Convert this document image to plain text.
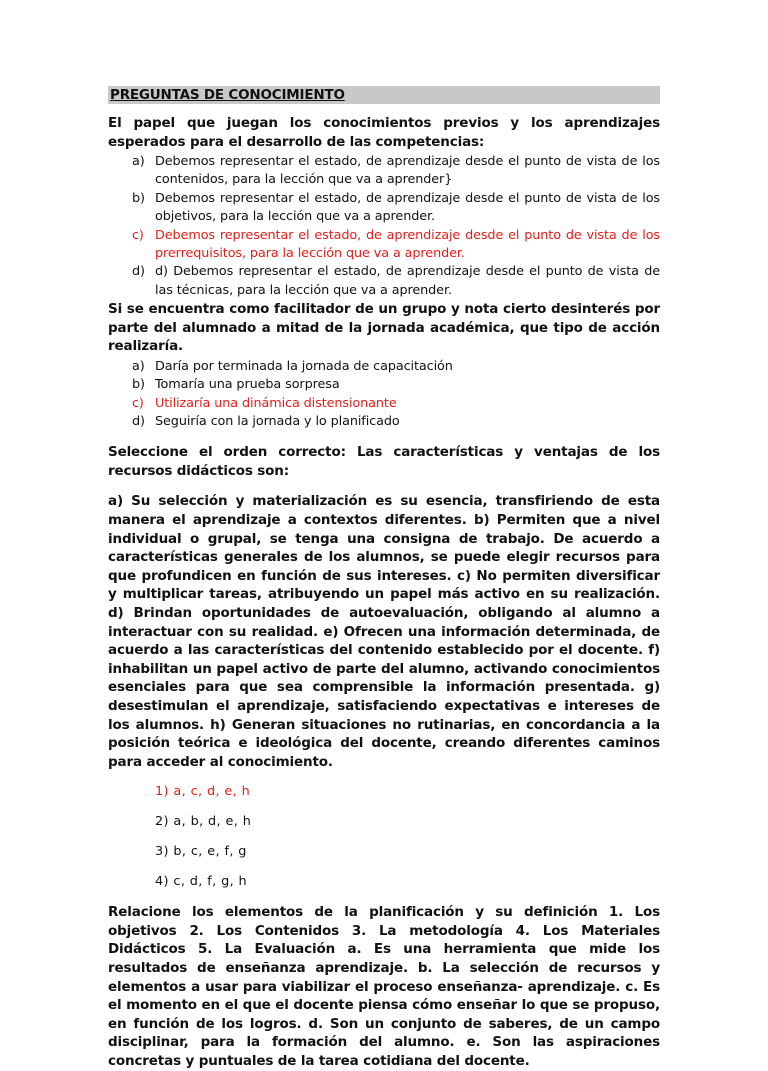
PREGUNTAS DE CONOCIMIENTO
El papel que juegan los conocimientos previos y los aprendizajes esperados para el desarrollo de las competencias:
a) Debemos representar el estado, de aprendizaje desde el punto de vista de los contenidos, para la lección que va a aprender}
b) Debemos representar el estado, de aprendizaje desde el punto de vista de los objetivos, para la lección que va a aprender.
c) Debemos representar el estado, de aprendizaje desde el punto de vista de los prerrequisitos, para la lección que va a aprender.
d) d) Debemos representar el estado, de aprendizaje desde el punto de vista de las técnicas, para la lección que va a aprender.
Si se encuentra como facilitador de un grupo y nota cierto desinterés por parte del alumnado a mitad de la jornada académica, que tipo de acción realizaría.
a) Daría por terminada la jornada de capacitación
b) Tomaría una prueba sorpresa
c) Utilizaría una dinámica distensionante
d) Seguiría con la jornada y lo planificado
Seleccione el orden correcto: Las características y ventajas de los recursos didácticos son:
a) Su selección y materialización es su esencia, transfiriendo de esta manera el aprendizaje a contextos diferentes. b) Permiten que a nivel individual o grupal, se tenga una consigna de trabajo. De acuerdo a características generales de los alumnos, se puede elegir recursos para que profundicen en función de sus intereses. c) No permiten diversificar y multiplicar tareas, atribuyendo un papel más activo en su realización. d) Brindan oportunidades de autoevaluación, obligando al alumno a interactuar con su realidad. e) Ofrecen una información determinada, de acuerdo a las características del contenido establecido por el docente. f) inhabilitan un papel activo de parte del alumno, activando conocimientos esenciales para que sea comprensible la información presentada. g) desestimulan el aprendizaje, satisfaciendo expectativas e intereses de los alumnos. h) Generan situaciones no rutinarias, en concordancia a la posición teórica e ideológica del docente, creando diferentes caminos para acceder al conocimiento.
1) a, c, d, e, h
2) a, b, d, e, h
3) b, c, e, f, g
4) c, d, f, g, h
Relacione los elementos de la planificación y su definición 1. Los objetivos 2. Los Contenidos 3. La metodología 4. Los Materiales Didácticos 5. La Evaluación a. Es una herramienta que mide los resultados de enseñanza aprendizaje. b. La selección de recursos y elementos a usar para viabilizar el proceso enseñanza- aprendizaje. c. Es el momento en el que el docente piensa cómo enseñar lo que se propuso, en función de los logros. d. Son un conjunto de saberes, de un campo disciplinar, para la formación del alumno. e. Son las aspiraciones concretas y puntuales de la tarea cotidiana del docente.
